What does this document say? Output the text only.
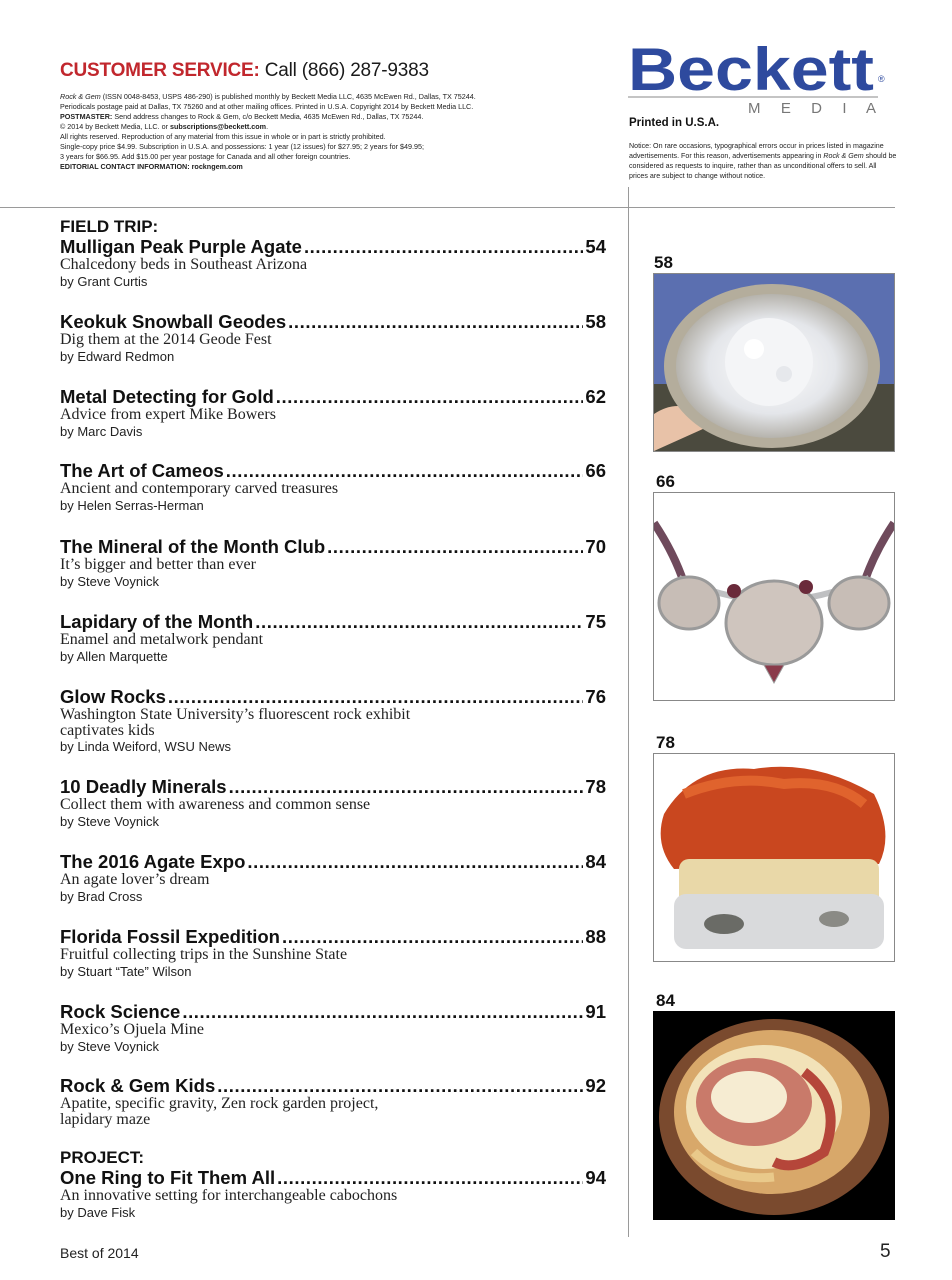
CUSTOMER SERVICE: Call (866) 287-9383

Rock & Gem (ISSN 0048-8453, USPS 486-290) is published monthly by Beckett Media LLC, 4635 McEwen Rd., Dallas, TX 75244.

Periodicals postage paid at Dallas, TX 75260 and at other mailing offices. Printed in U.S.A. Copyright 2014 by Beckett Media LLC.

POSTMASTER: Send address changes to Rock & Gem, c/o Beckett Media, 4635 McEwen Rd., Dallas, TX 75244.

© 2014 by Beckett Media, LLC. or subscriptions@beckett.com.

All rights reserved. Reproduction of any material from this issue in whole or in part is strictly prohibited.

Single-copy price $4.99. Subscription in U.S.A. and possessions: 1 year (12 issues) for $27.95; 2 years for $49.95;

3 years for $66.95. Add $15.00 per year postage for Canada and all other foreign countries.

EDITORIAL CONTACT INFORMATION: rockngem.com

Beckett ®
M E D I A
Printed in U.S.A.
Notice: On rare occasions, typographical errors occur in prices listed in magazine advertisements. For this reason, advertisements appearing in Rock & Gem should be considered as requests to inquire, rather than as unconditional offers to sell. All prices are subject to change without notice.
FIELD TRIP:
Mulligan Peak Purple Agate .....	54
Chalcedony beds in Southeast Arizona
by Grant Curtis
Keokuk Snowball Geodes .....	58
Dig them at the 2014 Geode Fest
by Edward Redmon
Metal Detecting for Gold .....	62
Advice from expert Mike Bowers
by Marc Davis
The Art of Cameos .....	66
Ancient and contemporary carved treasures
by Helen Serras-Herman
The Mineral of the Month Club .....	70
It’s bigger and better than ever
by Steve Voynick
Lapidary of the Month .....	75
Enamel and metalwork pendant
by Allen Marquette
Glow Rocks .....	76
Washington State University’s fluorescent rock exhibit
captivates kids
by Linda Weiford, WSU News
10 Deadly Minerals .....	78
Collect them with awareness and common sense
by Steve Voynick
The 2016 Agate Expo .....	84
An agate lover’s dream
by Brad Cross
Florida Fossil Expedition .....	88
Fruitful collecting trips in the Sunshine State
by Stuart “Tate” Wilson
Rock Science .....	91
Mexico’s Ojuela Mine
by Steve Voynick
Rock & Gem Kids .....	92
Apatite, specific gravity, Zen rock garden project,
lapidary maze
PROJECT:
One Ring to Fit Them All .....	94
An innovative setting for interchangeable cabochons
by Dave Fisk
58
66
78
84
Best of 2014	5
